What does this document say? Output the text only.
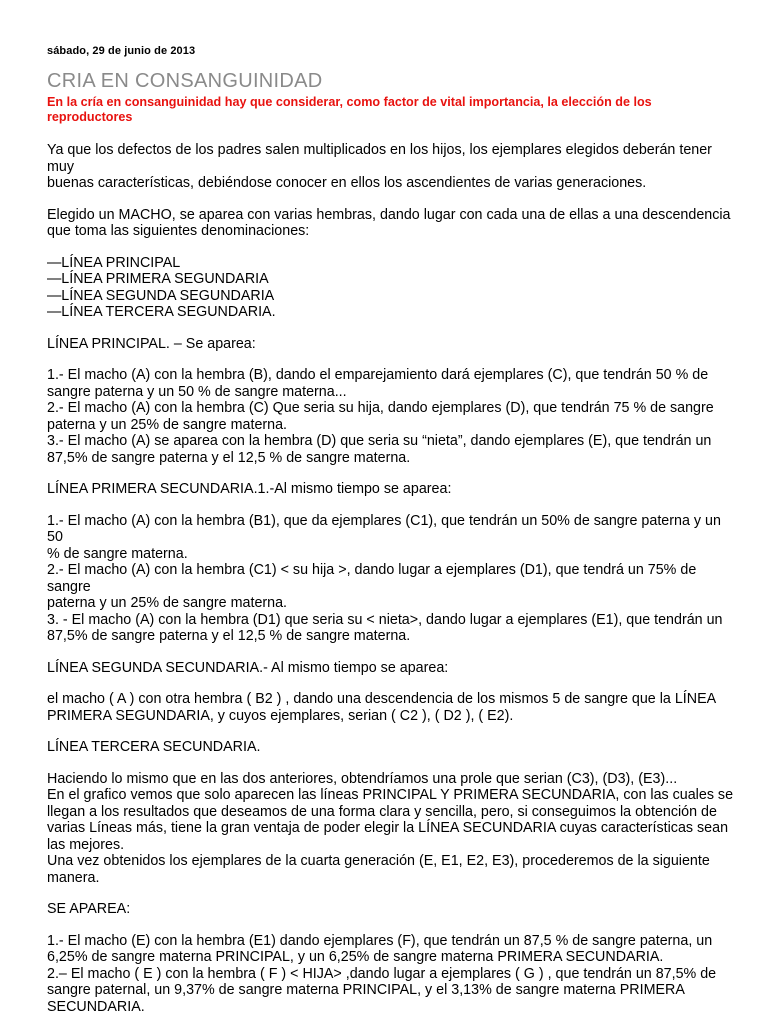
sábado, 29 de junio de 2013
CRIA EN CONSANGUINIDAD
En la cría en consanguinidad hay que considerar, como factor de vital importancia, la elección de los reproductores

Ya que los defectos de los padres salen multiplicados en los hijos, los ejemplares elegidos deberán tener muy
buenas características, debiéndose conocer en ellos los ascendientes de varias generaciones.

Elegido un MACHO, se aparea con varias hembras, dando lugar con cada una de ellas a una descendencia
que toma las siguientes denominaciones:

—LÍNEA PRINCIPAL
—LÍNEA PRIMERA SEGUNDARIA
—LÍNEA SEGUNDA SEGUNDARIA
—LÍNEA TERCERA SEGUNDARIA.

LÍNEA PRINCIPAL. – Se aparea:

1.- El macho (A) con la hembra (B), dando el emparejamiento dará ejemplares (C), que tendrán 50 % de
sangre paterna y un 50 % de sangre materna...
2.- El macho (A) con la hembra (C) Que seria su hija, dando ejemplares (D), que tendrán 75 % de sangre
paterna y un 25% de sangre materna.
3.- El macho (A) se aparea con la hembra (D) que seria su “nieta”, dando ejemplares (E), que tendrán un
87,5% de sangre paterna y el 12,5 % de sangre materna.

LÍNEA PRIMERA SECUNDARIA.1.-Al mismo tiempo se aparea:

1.- El macho (A) con la hembra (B1), que da ejemplares (C1), que tendrán un 50% de sangre paterna y un 50
% de sangre materna.
2.- El macho (A) con la hembra (C1) < su hija >, dando lugar a ejemplares (D1), que tendrá un 75% de sangre
paterna y un 25% de sangre materna.
3. - El macho (A) con la hembra (D1) que seria su < nieta>, dando lugar a ejemplares (E1), que tendrán un
87,5% de sangre paterna y el 12,5 % de sangre materna.

LÍNEA SEGUNDA SECUNDARIA.- Al mismo tiempo se aparea:

el macho ( A ) con otra hembra ( B2 ) , dando una descendencia de los mismos 5 de sangre que la LÍNEA
PRIMERA SEGUNDARIA, y cuyos ejemplares, serian ( C2 ), ( D2 ), ( E2).

LÍNEA TERCERA SECUNDARIA.

Haciendo lo mismo que en las dos anteriores, obtendríamos una prole que serian (C3), (D3), (E3)...
En el grafico vemos que solo aparecen las líneas PRINCIPAL Y PRIMERA SECUNDARIA, con las cuales se
llegan a los resultados que deseamos de una forma clara y sencilla, pero, si conseguimos la obtención de
varias Líneas más, tiene la gran ventaja de poder elegir la LÍNEA SECUNDARIA cuyas características sean
las mejores.
Una vez obtenidos los ejemplares de la cuarta generación (E, E1, E2, E3), procederemos de la siguiente
manera.

SE APAREA:

1.- El macho (E) con la hembra (E1) dando ejemplares (F), que tendrán un 87,5 % de sangre paterna, un
6,25% de sangre materna PRINCIPAL, y un 6,25% de sangre materna PRIMERA SECUNDARIA.
2.– El macho ( E ) con la hembra ( F ) < HIJA> ,dando lugar a ejemplares ( G ) , que tendrán un 87,5% de
sangre paternal, un 9,37% de sangre materna PRINCIPAL, y el 3,13% de sangre materna PRIMERA
SECUNDARIA.
